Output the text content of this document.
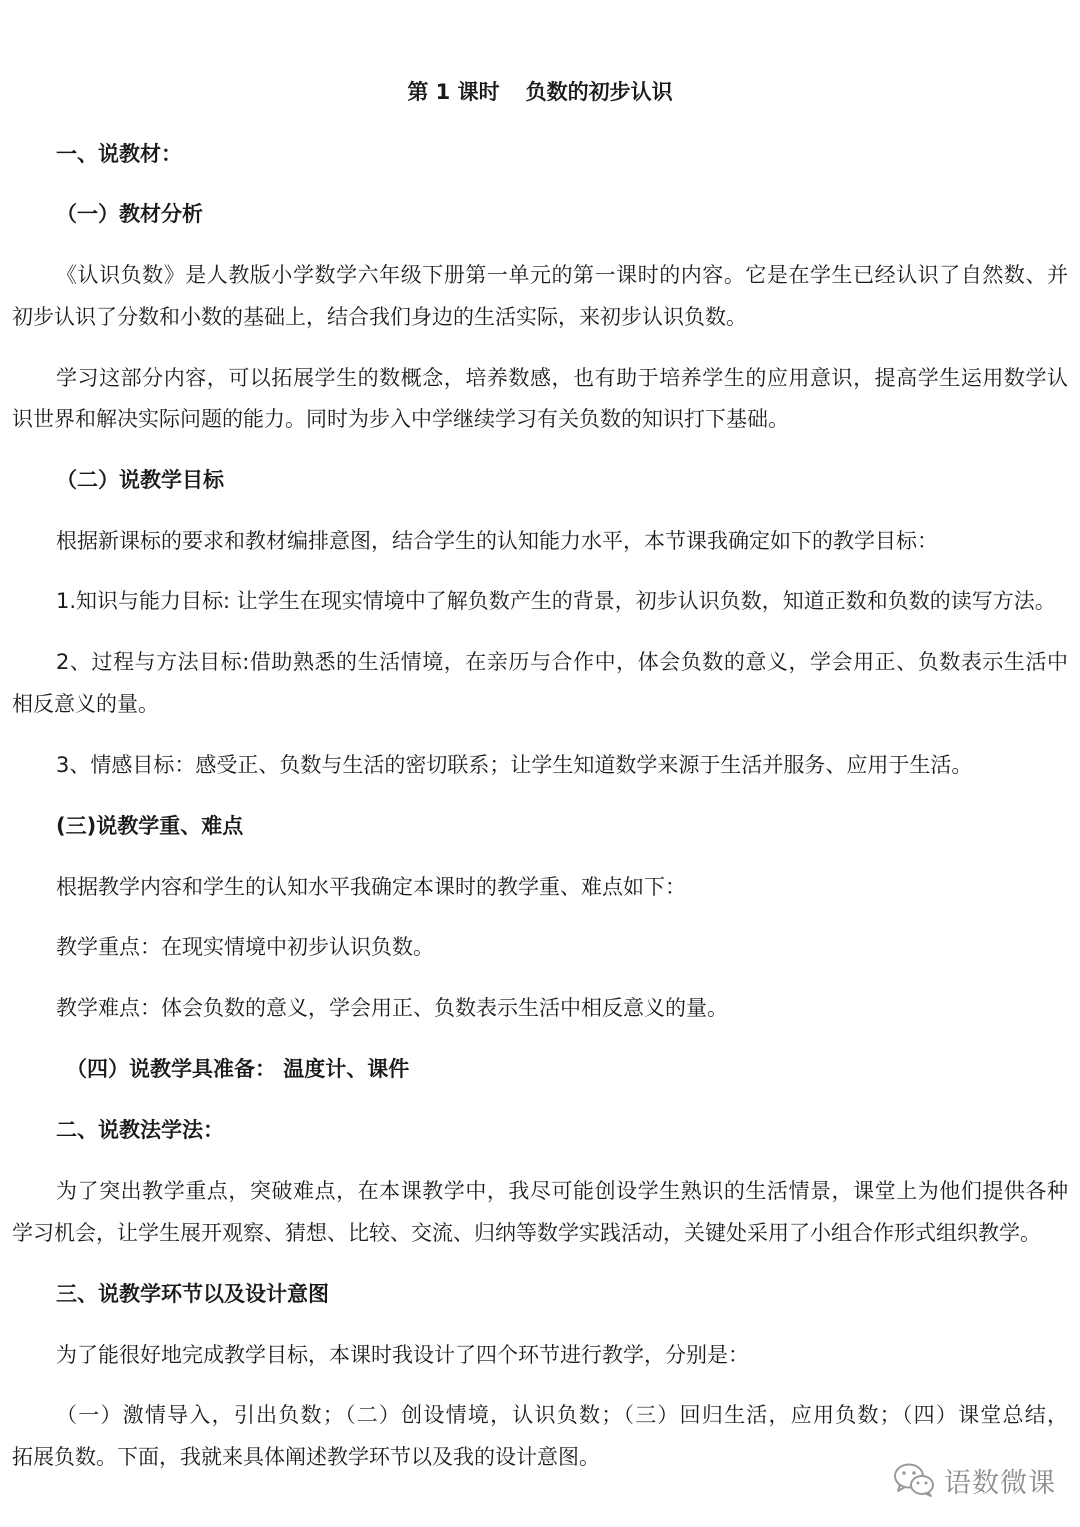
第 1 课时 负数的初步认识
一、说教材：
（一）教材分析
《认识负数》是人教版小学数学六年级下册第一单元的第一课时的内容。它是在学生已经认识了自然数、并
初步认识了分数和小数的基础上，结合我们身边的生活实际，来初步认识负数。
学习这部分内容，可以拓展学生的数概念，培养数感，也有助于培养学生的应用意识，提高学生运用数学认
识世界和解决实际问题的能力。同时为步入中学继续学习有关负数的知识打下基础。
（二）说教学目标
根据新课标的要求和教材编排意图，结合学生的认知能力水平，本节课我确定如下的教学目标：
1.知识与能力目标: 让学生在现实情境中了解负数产生的背景，初步认识负数，知道正数和负数的读写方法。
2、过程与方法目标:借助熟悉的生活情境，在亲历与合作中，体会负数的意义，学会用正、负数表示生活中
相反意义的量。
3、情感目标：感受正、负数与生活的密切联系；让学生知道数学来源于生活并服务、应用于生活。
(三)说教学重、难点
根据教学内容和学生的认知水平我确定本课时的教学重、难点如下：
教学重点：在现实情境中初步认识负数。
教学难点：体会负数的意义，学会用正、负数表示生活中相反意义的量。
（四）说教学具准备： 温度计、课件
二、说教法学法：
为了突出教学重点，突破难点，在本课教学中，我尽可能创设学生熟识的生活情景，课堂上为他们提供各种
学习机会，让学生展开观察、猜想、比较、交流、归纳等数学实践活动，关键处采用了小组合作形式组织教学。
三、说教学环节以及设计意图
为了能很好地完成教学目标，本课时我设计了四个环节进行教学，分别是：
（一）激情导入，引出负数；（二）创设情境，认识负数；（三）回归生活，应用负数；（四）课堂总结，
拓展负数。下面，我就来具体阐述教学环节以及我的设计意图。
语数微课
